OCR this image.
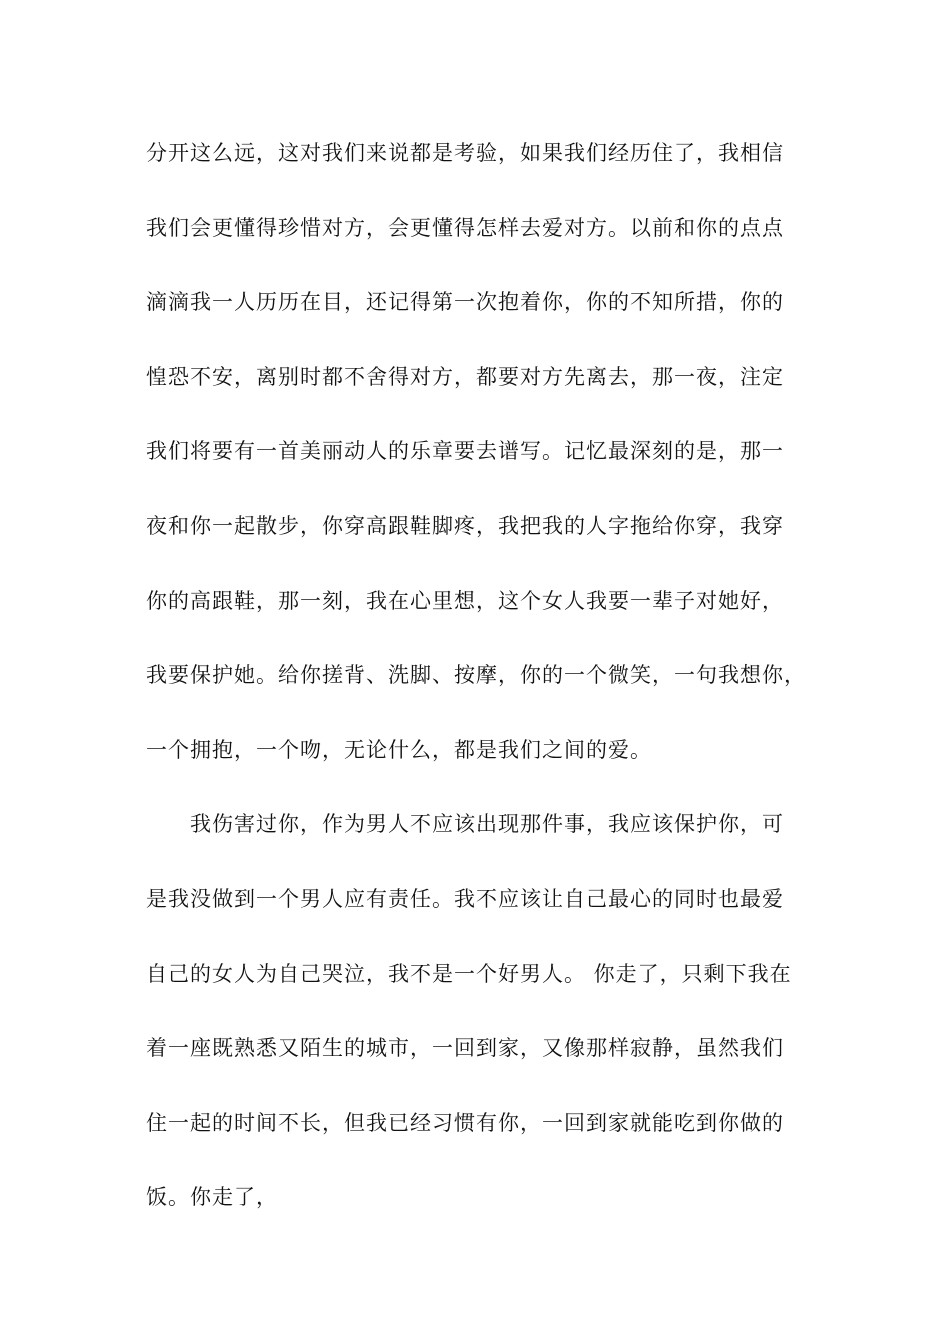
分开这么远，这对我们来说都是考验，如果我们经历住了，我相信
我们会更懂得珍惜对方，会更懂得怎样去爱对方。以前和你的点点
滴滴我一人历历在目，还记得第一次抱着你，你的不知所措，你的
惶恐不安，离别时都不舍得对方，都要对方先离去，那一夜，注定
我们将要有一首美丽动人的乐章要去谱写。记忆最深刻的是，那一
夜和你一起散步，你穿高跟鞋脚疼，我把我的人字拖给你穿，我穿
你的高跟鞋，那一刻，我在心里想，这个女人我要一辈子对她好，
我要保护她。给你搓背、洗脚、按摩，你的一个微笑，一句我想你，
一个拥抱，一个吻，无论什么，都是我们之间的爱。
我伤害过你，作为男人不应该出现那件事，我应该保护你，可
是我没做到一个男人应有责任。我不应该让自己最心的同时也最爱
自己的女人为自己哭泣，我不是一个好男人。 你走了，只剩下我在
着一座既熟悉又陌生的城市，一回到家，又像那样寂静，虽然我们
住一起的时间不长，但我已经习惯有你，一回到家就能吃到你做的
饭。你走了，
